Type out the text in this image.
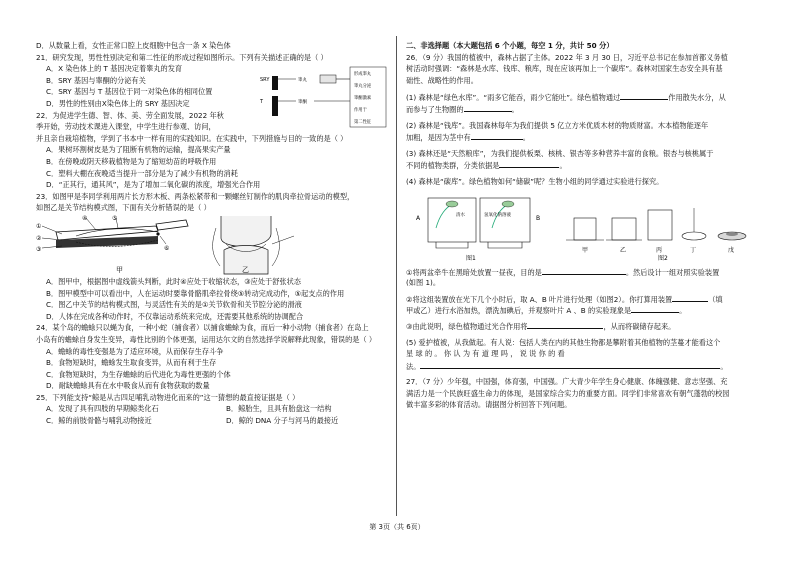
D．从数量上看，女性正常口腔上皮细胞中包含一条 X 染色体
21．研究发现，男性性别决定和第二性征的形成过程如图所示。下列有关描述正确的是（ ）
A．X 染色体上的 T 基因决定着睾丸的发育
B．SRY 基因与睾酮的分泌有关
C．SRY 基因与 T 基因位于同一对染色体的相同位置
D．男性的性别由X染色体上的 SRY 基因决定
22．为促进学生德、智、体、美、劳全面发展，2022 年秋
SRY
T
睾丸
睾酮
形成睾丸
睾丸分泌
睾酮激素
作用于
第二性征
季开始，劳动技术课进入课堂，中学生进行参观、访问，
并且亲自栽培植物，学到了书本中一样有用的实践知识。在实践中，下列措施与目的一致的是（ ）
A．果树环割树皮是为了阻断有机物的运输，提高果实产量
B．在傍晚或阴天移栽植物是为了缩短幼苗的呼吸作用
C．塑料大棚在夜晚适当提升一部分是为了减少有机物的消耗
D．“正其行，通其风”，是为了增加二氧化碳的浓度，增强光合作用
23．如图甲是李同学利用两片长方形木板、两条松紧带和一颗螺丝钉制作的肌肉牵拉骨运动的模型，
如图乙是关节结构模式图，下面有关分析错误的是（ ）
①
②
③
④	⑤
⑥
甲	乙
A．图甲中，根据图中虚线箭头判断，此时④应处于收缩状态，③应处于舒张状态
B．图甲模型中可以看出中，人在运动时要靠骨骼肌牵拉骨绕⑤转动完成动作，⑤起支点的作用
C．图乙中关节的结构模式图，与灵活性有关的是①关节软骨和关节腔分泌的滑液
D．人体在完成各种动作时，不仅靠运动系统来完成，还需要其他系统的协调配合
24．某个岛的蟾蜍只以蝇为食，一种小蛇（捕食者）以捕食蟾蜍为食，而后一种小动物（捕食者）在岛上
小岛有的蟾蜍自身发生变异，毒性比别的个体更强，运用达尔文的自然选择学说解释此现象，错误的是（ ）
A．蟾蜍的毒性变强是为了适应环境，从而保存生存斗争
B．食物短缺时，蟾蜍发生取食变异，从而有利于生存
C．食物短缺时，为生存蟾蜍的后代进化为毒性更强的个体
D．耐缺蟾蜍具有在水中吸食从而有食物获取的数量
25．下列能支持“鲸是从古四足哺乳动物进化而来的”这一猜想的最直接证据是（ ）
A．发现了具有四肢的早期鲸类化石	B．鲸胎生，且具有胎盘这一结构
C．鲸的前肢骨骼与哺乳动物接近	D．鲸的 DNA 分子与河马的最接近
二、非选择题（本大题包括 6 个小题，每空 1 分，共计 50 分）
26．（9 分）我国的植被中，森林占据了主体。2022 年 3 月 30 日，习近平总书记在参加首都义务植
树活动时强调：“森林是水库、钱库、粮库，现在应该再加上一个碳库”。森林对国家生态安全具有基
础性、战略性的作用。
(1) 森林是“绿色水库”。“雨多它能吞，雨少它能吐”。绿色植物通过	作用散失水分，从
而参与了生物圈的	。
(2) 森林是“钱库”。我国森林每年为我们提供 5 亿立方米优质木材的物质财富。木本植物能逐年
加粗，是因为茎中有	。
(3) 森林还是“天然粮库”，为我们提供板栗、核桃、银杏等多种营养丰富的食粮。银杏与核桃属于
不同的植物类群，分类依据是	。
(4) 森林是“碳库”。绿色植物如何“储碳”呢？生物小组的同学通过实验进行探究。
A	B
清水	氢氧化钠溶液
图1
甲	乙	丙	丁	戊
图2
①将两盆牵牛在黑暗处放置一昼夜，目的是	。然后设计一组对照实验装置
(如图 1)。
②将这组装置放在光下几个小时后，取 A、B 叶片进行处理（如图2）。你打算用装置	（填
甲或乙）进行水浴加热，漂洗加碘后，并观察叶片 A 、B 的实验现象是	。
③由此说明，绿色植物通过光合作用将	，从而将碳储存起来。
(5) 爱护植被，从我做起。有人说：包括人类在内的其他生物都是攀附着其他植物的茎蔓才能看这个
星 球 的 。 你 认 为 有 道 理 吗 ， 说 说 你 的 看
法。	。
27．（7 分）少年强，中国强，体育强，中国强。广大青少年学生身心健康、体魄强健、意志坚强、充
满活力是一个民族旺盛生命力的体现，是国家综合实力的重要方面。同学们非常喜欢有朝气蓬勃的校园
做丰富多彩的体育活动。请据图分析回答下列问题。
第 3页（共 6页）
